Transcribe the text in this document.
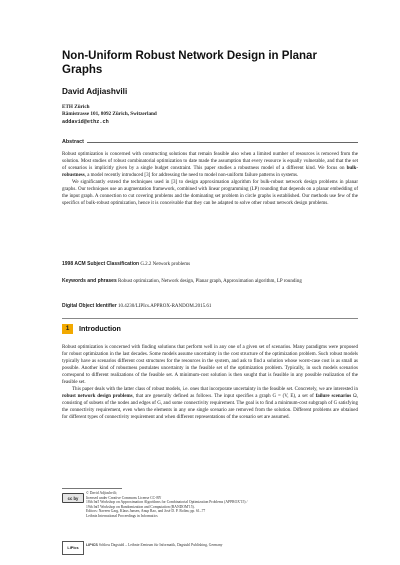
Non-Uniform Robust Network Design in Planar
Graphs
David Adjiashvili
ETH Zürich
Rämistrasse 101, 8092 Zürich, Switzerland
addavid@ethz.ch
Abstract

Robust optimization is concerned with constructing solutions that remain feasible also when a limited number of resources is removed from the solution. Most studies of robust combinatorial optimization to date made the assumption that every resource is equally vulnerable, and that the set of scenarios is implicitly given by a single budget constraint. This paper studies a robustness model of a different kind. We focus on bulk-robustness, a model recently introduced [3] for addressing the need to model non-uniform failure patterns in systems.

We significantly extend the techniques used in [3] to design approximation algorithm for bulk-robust network design problems in planar graphs. Our techniques use an augmentation framework, combined with linear programming (LP) rounding that depends on a planar embedding of the input graph. A connection to cut covering problems and the dominating set problem in circle graphs is established. Our methods use few of the specifics of bulk-robust optimization, hence it is conceivable that they can be adapted to solve other robust network design problems.

1998 ACM Subject Classification G.2.2 Network problems
Keywords and phrases Robust optimization, Network design, Planar graph, Approximation algorithm, LP rounding
Digital Object Identifier 10.4230/LIPIcs.APPROX-RANDOM.2015.61
1	Introduction

Robust optimization is concerned with finding solutions that perform well in any one of a given set of scenarios. Many paradigms were proposed for robust optimization in the last decades. Some models assume uncertainty in the cost structure of the optimization problem. Such robust models typically have as scenarios different cost structures for the resources in the system, and ask to find a solution whose worst-case cost is as small as possible. Another kind of robustness postulates uncertainty in the feasible set of the optimization problem. Typically, in such models scenarios correspond to different realizations of the feasible set. A minimum-cost solution is then sought that is feasible in any possible realization of the feasible set.

This paper deals with the latter class of robust models, i.e. ones that incorporate uncertainty in the feasible set. Concretely, we are interested in robust network design problems, that are generally defined as follows. The input specifies a graph G = (V, E), a set of failure scenarios Ω, consisting of subsets of the nodes and edges of G, and some connectivity requirement. The goal is to find a minimum-cost subgraph of G satisfying the connectivity requirement, even when the elements in any one single scenario are removed from the solution. Different problems are obtained for different types of connectivity requirement and when different representations of the scenario set are assumed.

cc by
© David Adjiashvili;
licensed under Creative Commons License CC-BY
18th Int'l Workshop on Approximation Algorithms for Combinatorial Optimization Problems (APPROX'15) /
19th Int'l Workshop on Randomization and Computation (RANDOM'15).
Editors: Naveen Garg, Klaus Jansen, Anup Rao, and José D. P. Rolim; pp. 61–77
Leibniz International Proceedings in Informatics
LIPIcs
LIPICS Schloss Dagstuhl – Leibniz-Zentrum für Informatik, Dagstuhl Publishing, Germany
